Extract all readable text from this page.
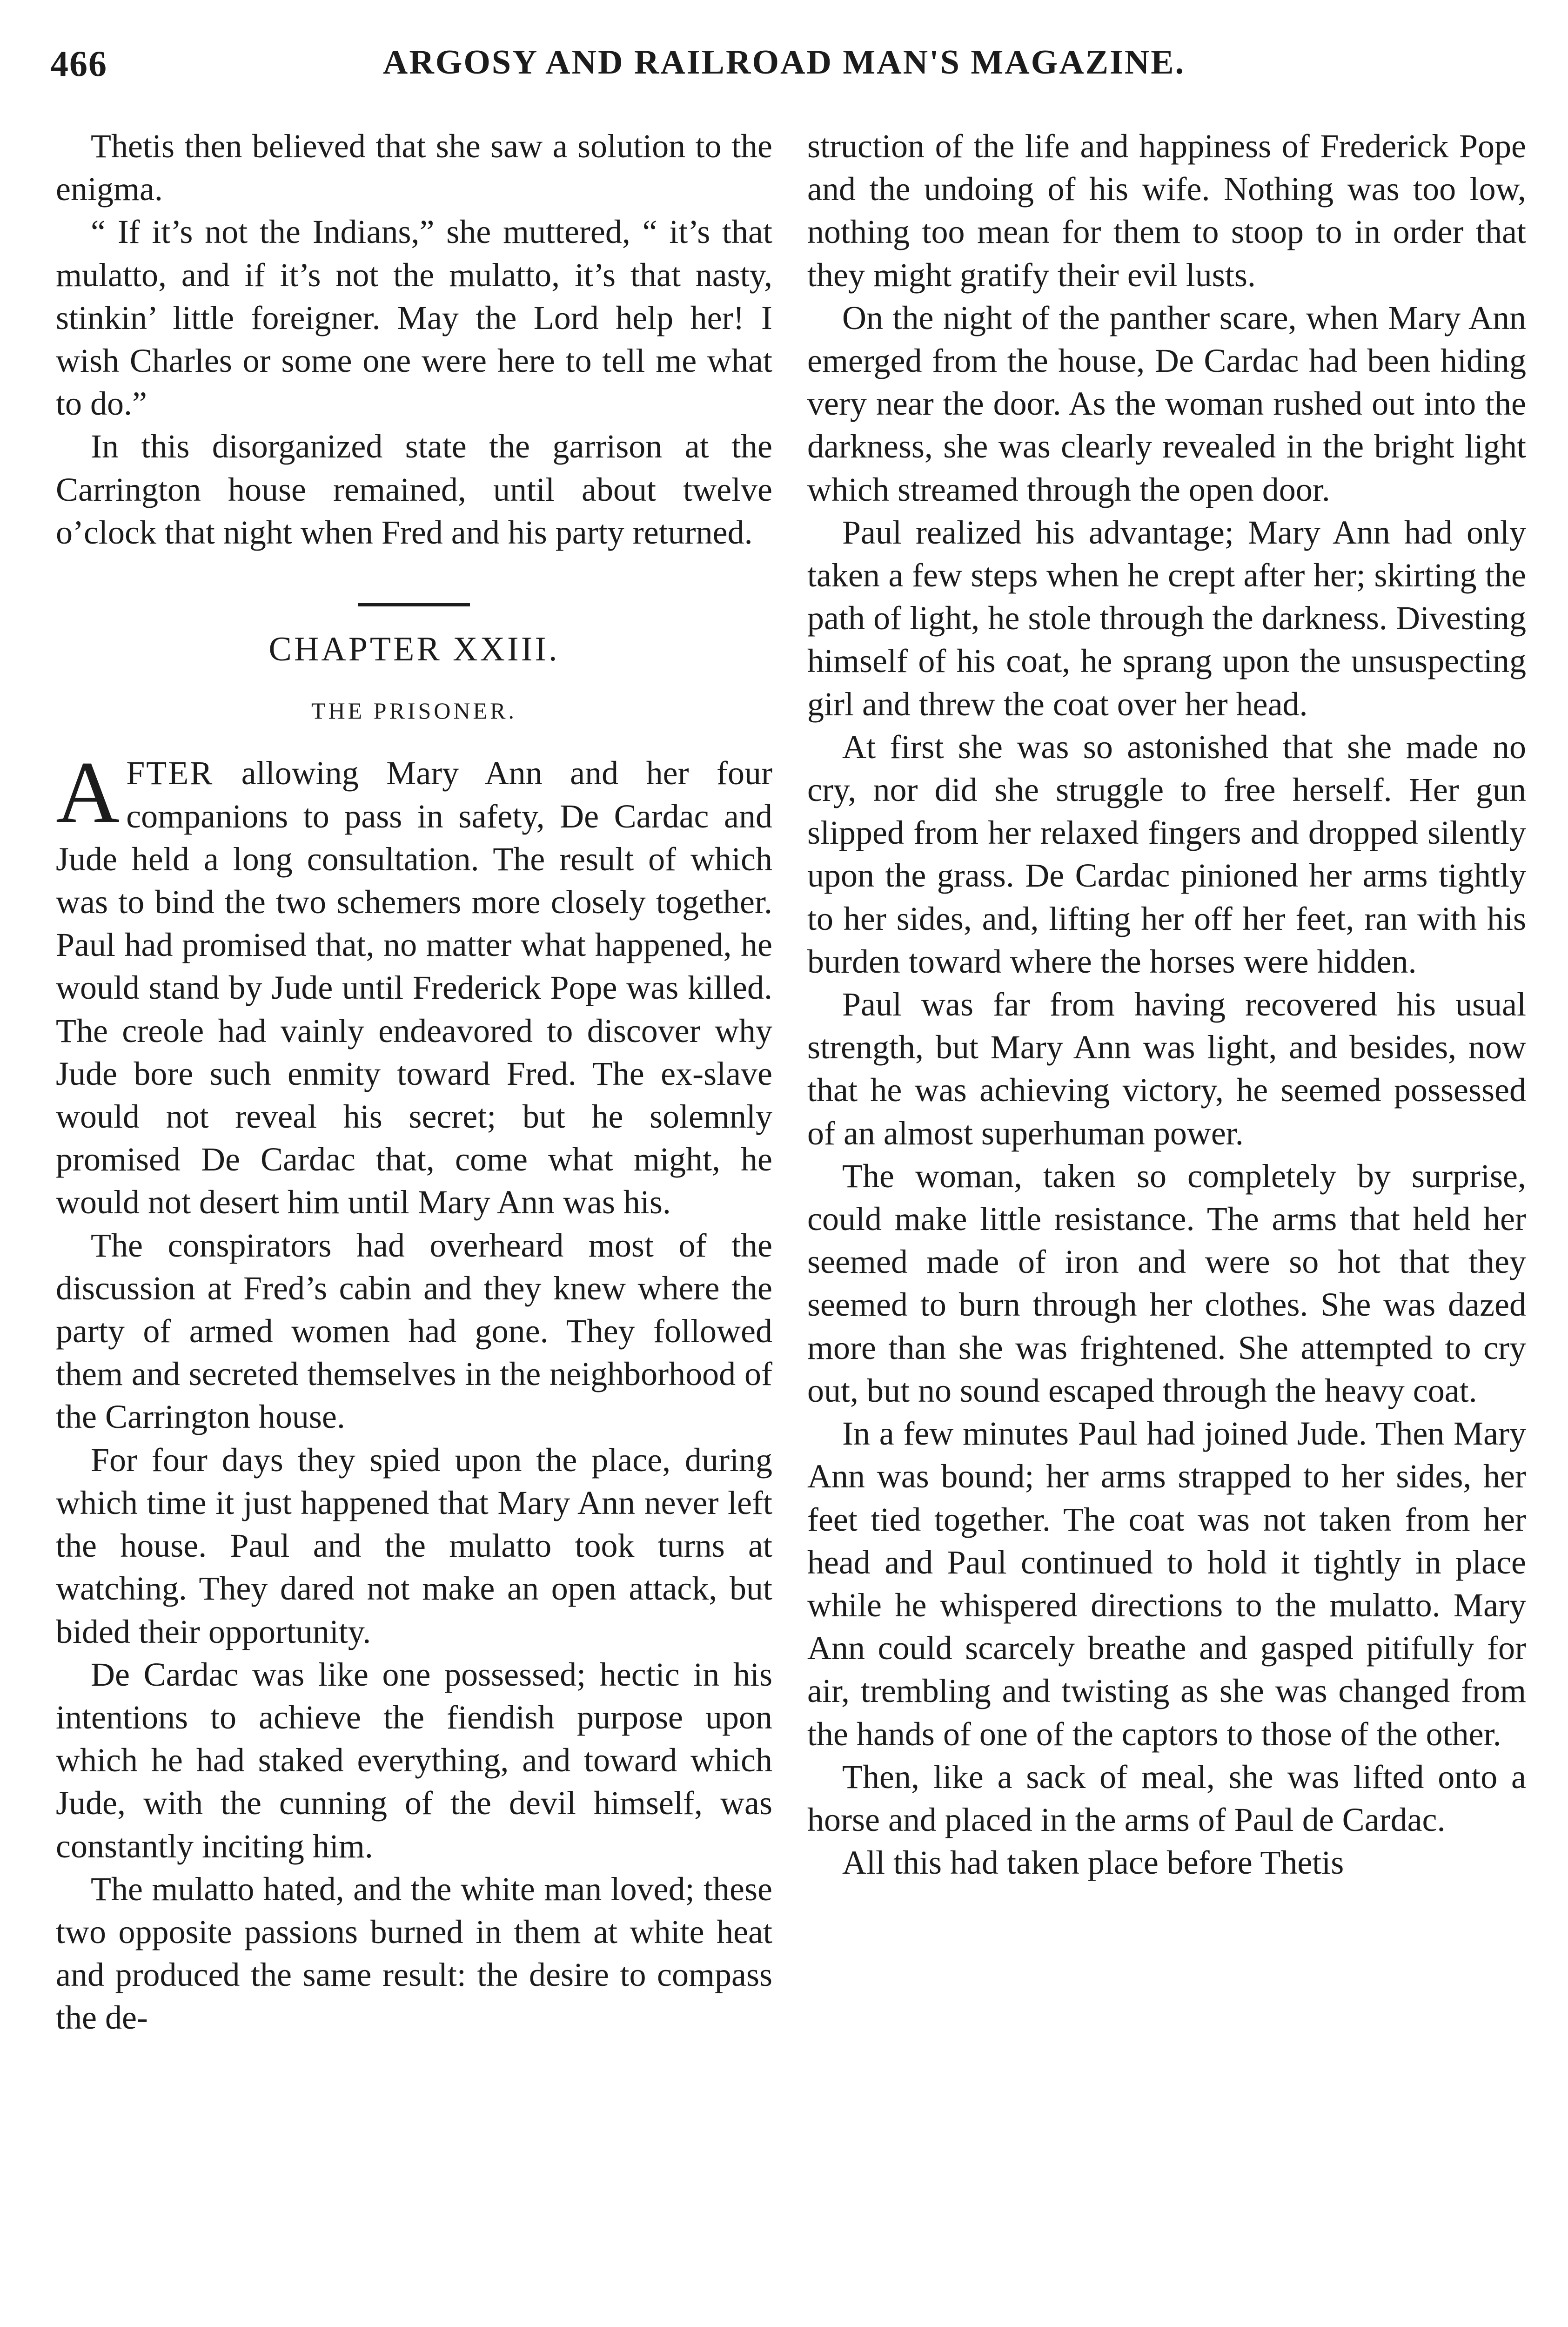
466	ARGOSY AND RAILROAD MAN'S MAGAZINE.

Thetis then believed that she saw a solution to the enigma.

“ If it’s not the Indians,” she muttered, “ it’s that mulatto, and if it’s not the mulatto, it’s that nasty, stinkin’ little foreigner. May the Lord help her! I wish Charles or some one were here to tell me what to do.”

In this disorganized state the garrison at the Carrington house remained, until about twelve o’clock that night when Fred and his party returned.

CHAPTER XXIII.
THE PRISONER.

AFTER allowing Mary Ann and her four companions to pass in safety, De Cardac and Jude held a long consultation. The result of which was to bind the two schemers more closely together. Paul had promised that, no matter what happened, he would stand by Jude until Frederick Pope was killed. The creole had vainly endeavored to discover why Jude bore such enmity toward Fred. The ex-slave would not reveal his secret; but he solemnly promised De Cardac that, come what might, he would not desert him until Mary Ann was his.

The conspirators had overheard most of the discussion at Fred’s cabin and they knew where the party of armed women had gone. They followed them and secreted themselves in the neighborhood of the Carrington house.

For four days they spied upon the place, during which time it just happened that Mary Ann never left the house. Paul and the mulatto took turns at watching. They dared not make an open attack, but bided their opportunity.

De Cardac was like one possessed; hectic in his intentions to achieve the fiendish purpose upon which he had staked everything, and toward which Jude, with the cunning of the devil himself, was constantly inciting him.

The mulatto hated, and the white man loved; these two opposite passions burned in them at white heat and produced the same result: the desire to compass the de-

struction of the life and happiness of Frederick Pope and the undoing of his wife. Nothing was too low, nothing too mean for them to stoop to in order that they might gratify their evil lusts.

On the night of the panther scare, when Mary Ann emerged from the house, De Cardac had been hiding very near the door. As the woman rushed out into the darkness, she was clearly revealed in the bright light which streamed through the open door.

Paul realized his advantage; Mary Ann had only taken a few steps when he crept after her; skirting the path of light, he stole through the darkness. Divesting himself of his coat, he sprang upon the unsuspecting girl and threw the coat over her head.

At first she was so astonished that she made no cry, nor did she struggle to free herself. Her gun slipped from her relaxed fingers and dropped silently upon the grass. De Cardac pinioned her arms tightly to her sides, and, lifting her off her feet, ran with his burden toward where the horses were hidden.

Paul was far from having recovered his usual strength, but Mary Ann was light, and besides, now that he was achieving victory, he seemed possessed of an almost superhuman power.

The woman, taken so completely by surprise, could make little resistance. The arms that held her seemed made of iron and were so hot that they seemed to burn through her clothes. She was dazed more than she was frightened. She attempted to cry out, but no sound escaped through the heavy coat.

In a few minutes Paul had joined Jude. Then Mary Ann was bound; her arms strapped to her sides, her feet tied together. The coat was not taken from her head and Paul continued to hold it tightly in place while he whispered directions to the mulatto. Mary Ann could scarcely breathe and gasped pitifully for air, trembling and twisting as she was changed from the hands of one of the captors to those of the other.

Then, like a sack of meal, she was lifted onto a horse and placed in the arms of Paul de Cardac.

All this had taken place before Thetis
